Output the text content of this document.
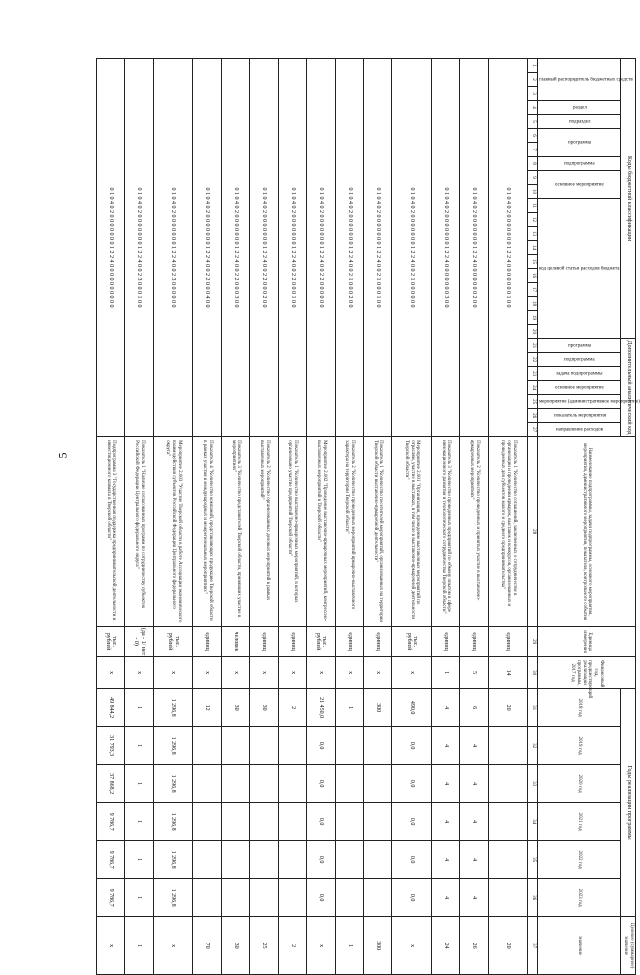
5
Коды бюджетной классификации																				Дополнительный аналитический код							Наименование подпрограммы, задачи подпрограммы, основного мероприятия, мероприятия, административного мероприятия, показателя, контрольного события	Единица измерения	Финансовый год, предшествующий реализации программы, 2017 год	Годы реализации программы						Целевое (суммарное) значение
главный распорядитель бюджетных средств			раздел	подраздел	программа		подпрограмма	основное мероприятие		код целевой статьи расходов бюджета										программа	подпрограмма	задача подпрограммы	основное мероприятие	мероприятие (административное мероприятие)	показатель мероприятия	направление расходов				2018 год	2019 год	2020 год	2021 год	2022 год	2023 год	значение
1	2	3	4	5	6	7	8	9	10	11	12	13	14	15	16	17	18	19	20	21	22	23	24	25	26	27	28	29	30	31	32	33	34	35	36	37
0 1 0 4 0 2 0 0 0 0 0 0 0 1 2 2 4 0 0 0 0 0 0 0 1 0 0																											Показатель 1 "Количество соглашений, заключенных о сотрудничестве в организации и проведении ярмарок, выставок и конкурсов, организованных и проведенных для субъектов малого и среднего предпринимательства"	единиц	14	20						20
0 1 0 4 0 2 0 0 0 0 0 0 0 1 2 2 4 0 0 0 0 0 0 0 2 0 0																											Показатель 2 "Количество проведенных и принятых участие в выставочно-ярмарочных мероприятиях"	единиц	5	6	4	4	4	4	4	26
0 1 0 4 0 2 0 0 0 0 0 0 0 1 2 2 4 0 0 0 0 0 0 0 3 0 0																											Показатель 3 "Количество проведенных предприятий по обмену опытом в сфере инновационного развития и технологического сотрудничества Тверской области"	единиц	1	4	4	4	4	4	4	24
0 1 0 4 0 2 0 0 0 0 0 0 0 1 2 2 4 0 0 2 1 0 0 0 0 0 0																											Мероприятие 2.001 "Организация, проведение выставочных мероприятий по отраслям, участие в выставках, в том числе в выставочно-ярмарочной деятельности Тверской области"	тыс. рублей	х	490,0	0,0	0,0	0,0	0,0	0,0	х
0 1 0 4 0 2 0 0 0 0 0 0 0 1 2 2 4 0 0 2 1 0 0 0 1 0 0																											Показатель 1 "Количество посетителей мероприятий, организованных на территории Тверской области выставочно-ярмарочной деятельности"	единиц	х	300						300
0 1 0 4 0 2 0 0 0 0 0 0 0 1 2 2 4 0 0 2 1 0 0 0 2 0 0																											Показатель 2 "Количество проведенных мероприятий ярмарочно-выставочного характера на территории Тверской области"	единиц	х	1						1
0 1 0 4 0 2 0 0 0 0 0 0 0 1 2 2 4 0 0 2 2 0 0 0 0 0 0																											Мероприятие 2.002 "Проведение выставочно-ярмарочных мероприятий, конгрессно-выставочных мероприятий в Тверской области"	тыс. рублей	х	21 450,0	0,0	0,0	0,0	0,0	0,0	х
0 1 0 4 0 2 0 0 0 0 0 0 0 1 2 2 4 0 0 2 2 0 0 0 1 0 0																											Показатель 1 "Количество выставочно-ярмарочных мероприятий, в которых организовано участие предприятий Тверской области"	единиц	х	2						2
0 1 0 4 0 2 0 0 0 0 0 0 0 1 2 2 4 0 0 2 2 0 0 0 2 0 0																											Показатель 2 "Количество организованных деловых мероприятий в рамках выставочных мероприятий"	единиц	х	30						25
0 1 0 4 0 2 0 0 0 0 0 0 0 1 2 2 4 0 0 2 2 0 0 0 3 0 0																											Показатель 3 "Количество представителей Тверской области, принявших участие в мероприятиях"	человек	х	30						30
0 1 0 4 0 2 0 0 0 0 0 0 0 1 2 2 4 0 0 2 2 0 0 0 4 0 0																											Показатель 4 "Количество компаний, представляющих продукцию Тверской области в рамках участия в международных и межрегиональных мероприятиях"	единиц	х	12						70
0 1 0 4 0 2 0 0 0 0 0 0 0 1 2 2 4 0 0 2 3 0 0 0 0 0 0																											Мероприятие 2.003 "Участие Тверской области в работе Ассоциации экономического взаимодействия субъектов Российской Федерации Центрального федерального округа"	тыс. рублей	х	1 296,8	1 296,8	1 296,8	1 296,8	1 296,8	1 296,8	х
0 1 0 4 0 2 0 0 0 0 0 0 0 1 2 2 4 0 0 2 3 0 0 0 1 0 0																											Показатель 1 "Наличие согласованных программ по сотрудничеству субъектов Российской Федерации Центрального федерального округа"	(да - 1/ нет - 0)	х	1	1	1	1	1	1	1
0 1 0 4 0 2 0 0 0 0 0 0 0 1 2 2 4 0 0 0 0 0 0 0 0 0 0																											Подпрограмма 3 "Государственная поддержка предпринимательской деятельности и инвестиционного климата в Тверской области"	тыс. рублей	х	49 844,2	31 793,3	37 868,2	9 786,7	9 786,7	9 786,7	х
